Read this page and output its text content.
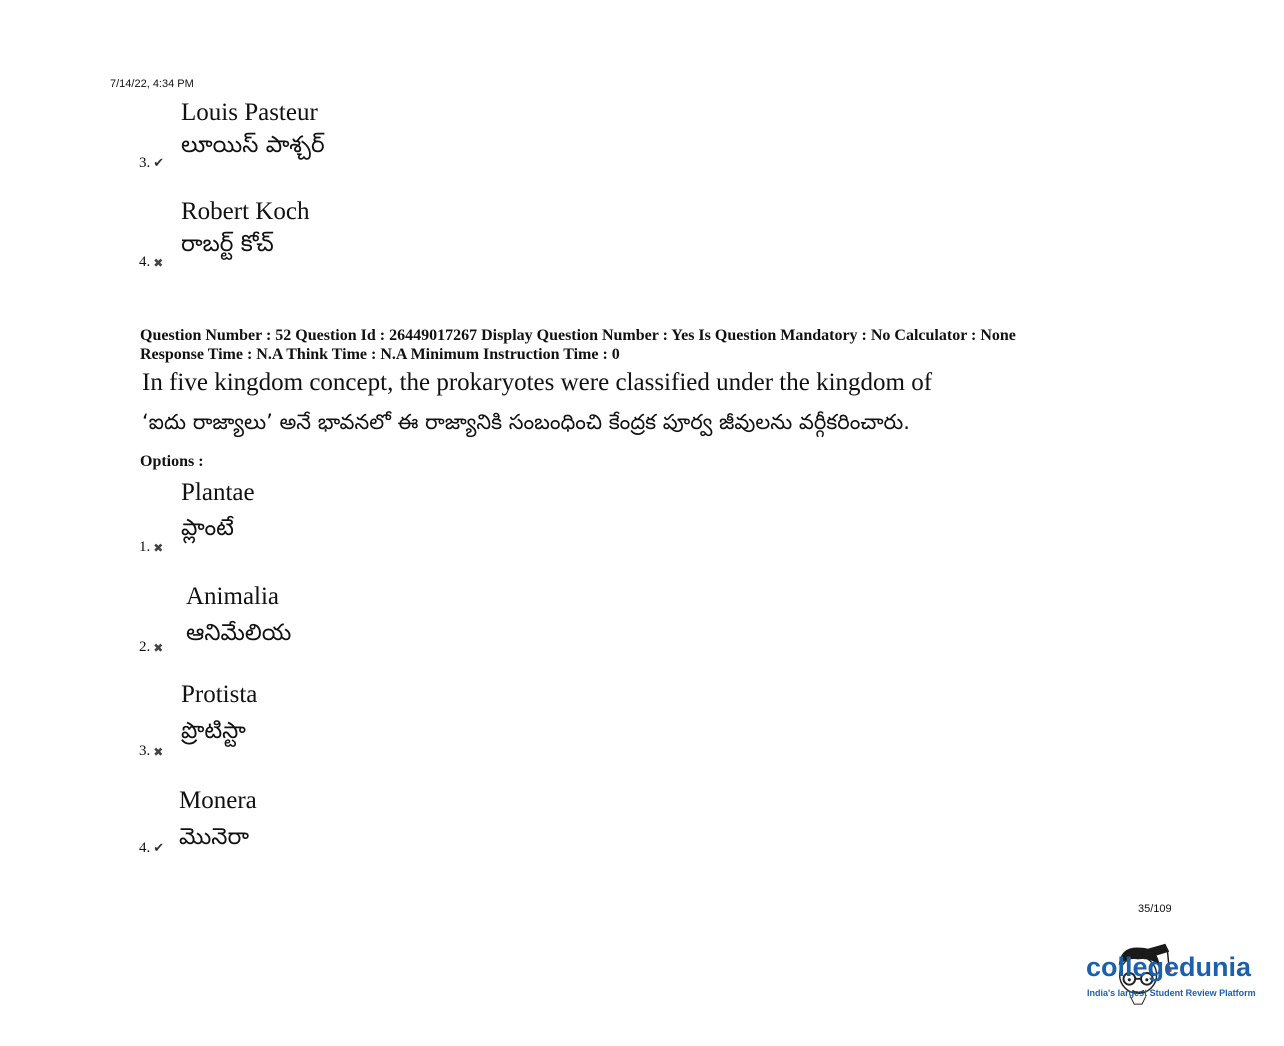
7/14/22, 4:34 PM
Louis Pasteur
లూయిస్ పాశ్చర్
3. ✔
Robert Koch
రాబర్ట్ కోచ్
4. ✖
Question Number : 52 Question Id : 26449017267 Display Question Number : Yes Is Question Mandatory : No Calculator : None
Response Time : N.A Think Time : N.A Minimum Instruction Time : 0
In five kingdom concept, the prokaryotes were classified under the kingdom of
‘ఐదు రాజ్యాలు’ అనే భావనలో ఈ రాజ్యానికి సంబంధించి కేంద్రక పూర్వ జీవులను వర్గీకరించారు.
Options :
Plantae
ప్లాంటే
1. ✖
Animalia
ఆనిమేలియ
2. ✖
Protista
ప్రొటిస్టా
3. ✖
Monera
మొనెరా
4. ✔
35/109
collegedunia
India's largest Student Review Platform
